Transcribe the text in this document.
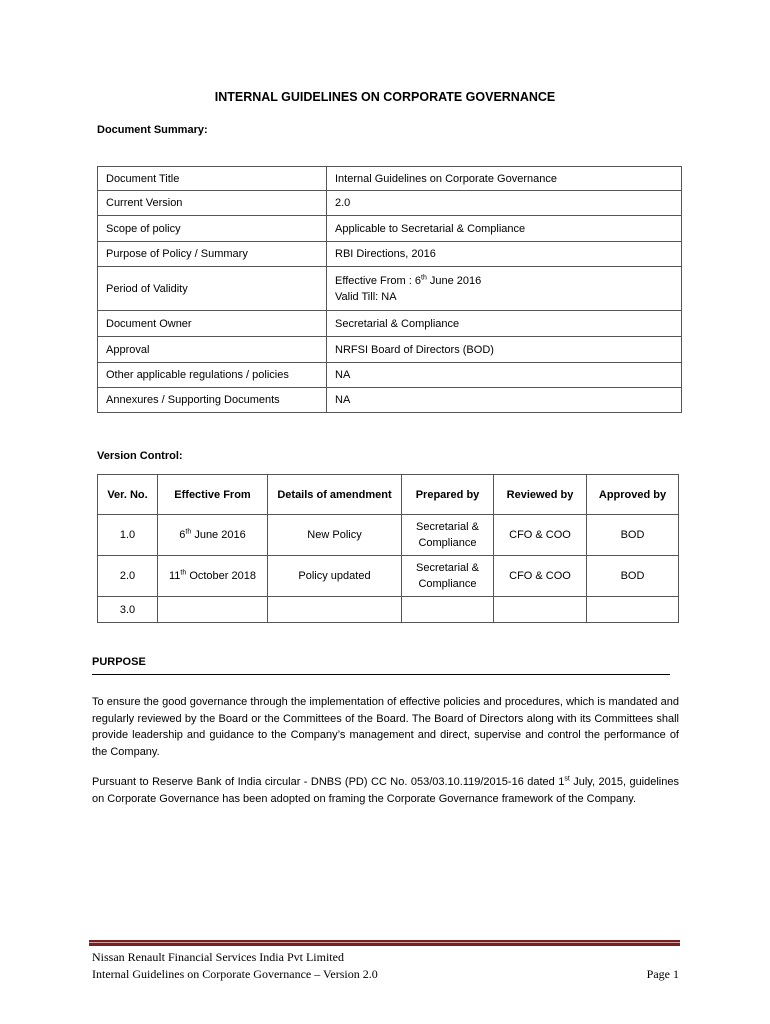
INTERNAL GUIDELINES ON CORPORATE GOVERNANCE
Document Summary:
Document Title	Internal Guidelines on Corporate Governance
Current Version	2.0
Scope of policy	Applicable to Secretarial & Compliance
Purpose of Policy / Summary	RBI Directions, 2016
Period of Validity	Effective From : 6th June 2016
Valid Till: NA
Document Owner	Secretarial & Compliance
Approval	NRFSI Board of Directors (BOD)
Other applicable regulations / policies	NA
Annexures / Supporting Documents	NA
Version Control:
Ver. No.	Effective From	Details of amendment	Prepared by	Reviewed by	Approved by
1.0	6th June 2016	New Policy	Secretarial & Compliance	CFO & COO	BOD
2.0	11th October 2018	Policy updated	Secretarial & Compliance	CFO & COO	BOD
3.0					
PURPOSE

To ensure the good governance through the implementation of effective policies and procedures, which is mandated and regularly reviewed by the Board or the Committees of the Board. The Board of Directors along with its Committees shall provide leadership and guidance to the Company’s management and direct, supervise and control the performance of the Company.

Pursuant to Reserve Bank of India circular - DNBS (PD) CC No. 053/03.10.119/2015-16 dated 1st July, 2015, guidelines on Corporate Governance has been adopted on framing the Corporate Governance framework of the Company.

Nissan Renault Financial Services India Pvt Limited
Internal Guidelines on Corporate Governance – Version 2.0	Page 1
